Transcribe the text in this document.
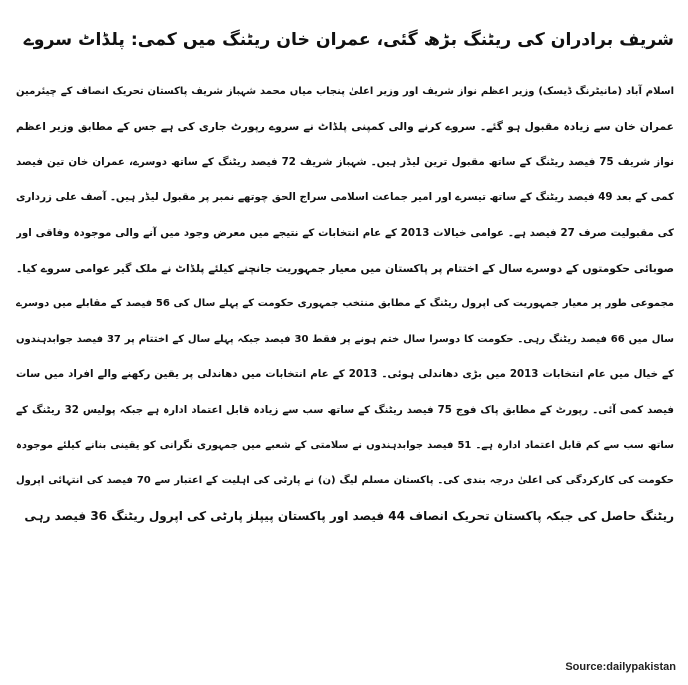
شریف برادران کی ریٹنگ بڑھ گئی، عمران خان ریٹنگ میں کمی: پلڈاٹ سروے
اسلام آباد (مانیٹرنگ ڈیسک) وزیر اعظم نواز شریف اور وزیر اعلیٰ پنجاب میاں محمد شہباز شریف پاکستان تحریک انصاف کے چیئرمین
عمران خان سے زیادہ مقبول ہو گئے۔ سروے کرنے والی کمپنی پلڈاٹ نے سروے رپورٹ جاری کی ہے جس کے مطابق وزیر اعظم
نواز شریف 75 فیصد ریٹنگ کے ساتھ مقبول ترین لیڈر ہیں۔ شہباز شریف 72 فیصد ریٹنگ کے ساتھ دوسرے، عمران خان تین فیصد
کمی کے بعد 49 فیصد ریٹنگ کے ساتھ تیسرے اور امیر جماعت اسلامی سراج الحق چوتھے نمبر پر مقبول لیڈر ہیں۔ آصف علی زرداری
کی مقبولیت صرف 27 فیصد ہے۔ عوامی خیالات 2013 کے عام انتخابات کے نتیجے میں معرض وجود میں آنے والی موجودہ وفاقی اور
صوبائی حکومتوں کے دوسرے سال کے اختتام پر پاکستان میں معیار جمہوریت جانچنے کیلئے پلڈاٹ نے ملک گیر عوامی سروے کیا۔
مجموعی طور پر معیار جمہوریت کی اپرول ریٹنگ کے مطابق منتخب جمہوری حکومت کے پہلے سال کی 56 فیصد کے مقابلے میں دوسرے
سال میں 66 فیصد ریٹنگ رہی۔ حکومت کا دوسرا سال ختم ہونے پر فقط 30 فیصد جبکہ پہلے سال کے اختتام پر 37 فیصد جوابدہندوں
کے خیال میں عام انتخابات 2013 میں بڑی دھاندلی ہوئی۔ 2013 کے عام انتخابات میں دھاندلی پر یقین رکھنے والے افراد میں سات
فیصد کمی آئی۔ رپورٹ کے مطابق پاک فوج 75 فیصد ریٹنگ کے ساتھ سب سے زیادہ قابل اعتماد ادارہ ہے جبکہ پولیس 32 ریٹنگ کے
ساتھ سب سے کم قابل اعتماد ادارہ ہے۔ 51 فیصد جوابدہندوں نے سلامتی کے شعبے میں جمہوری نگرانی کو یقینی بنانے کیلئے موجودہ
حکومت کی کارکردگی کی اعلیٰ درجہ بندی کی۔ پاکستان مسلم لیگ (ن) نے پارٹی کی اہلیت کے اعتبار سے 70 فیصد کی انتہائی اپرول
ریٹنگ حاصل کی جبکہ پاکستان تحریک انصاف 44 فیصد اور پاکستان پیپلز پارٹی کی اپرول ریٹنگ 36 فیصد رہی
Source:dailypakistan
